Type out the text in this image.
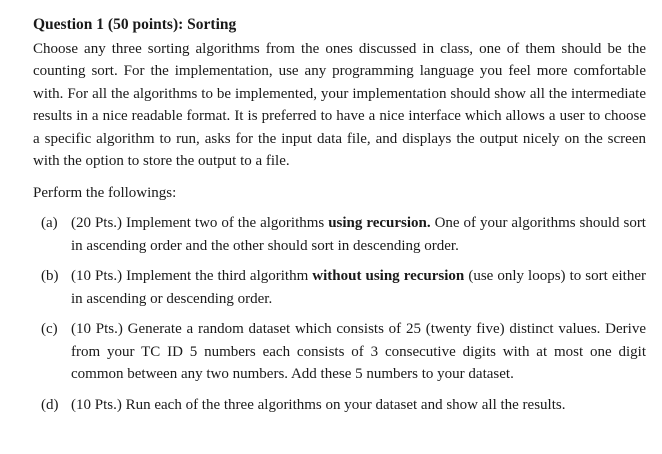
Question 1 (50 points): Sorting

Choose any three sorting algorithms from the ones discussed in class, one of them should be the counting sort. For the implementation, use any programming language you feel more comfortable with. For all the algorithms to be implemented, your implementation should show all the intermediate results in a nice readable format. It is preferred to have a nice interface which allows a user to choose a specific algorithm to run, asks for the input data file, and displays the output nicely on the screen with the option to store the output to a file.

Perform the followings:

(a) (20 Pts.) Implement two of the algorithms using recursion. One of your algorithms should sort in ascending order and the other should sort in descending order.
(b) (10 Pts.) Implement the third algorithm without using recursion (use only loops) to sort either in ascending or descending order.
(c) (10 Pts.) Generate a random dataset which consists of 25 (twenty five) distinct values. Derive from your TC ID 5 numbers each consists of 3 consecutive digits with at most one digit common between any two numbers. Add these 5 numbers to your dataset.
(d) (10 Pts.) Run each of the three algorithms on your dataset and show all the results.
